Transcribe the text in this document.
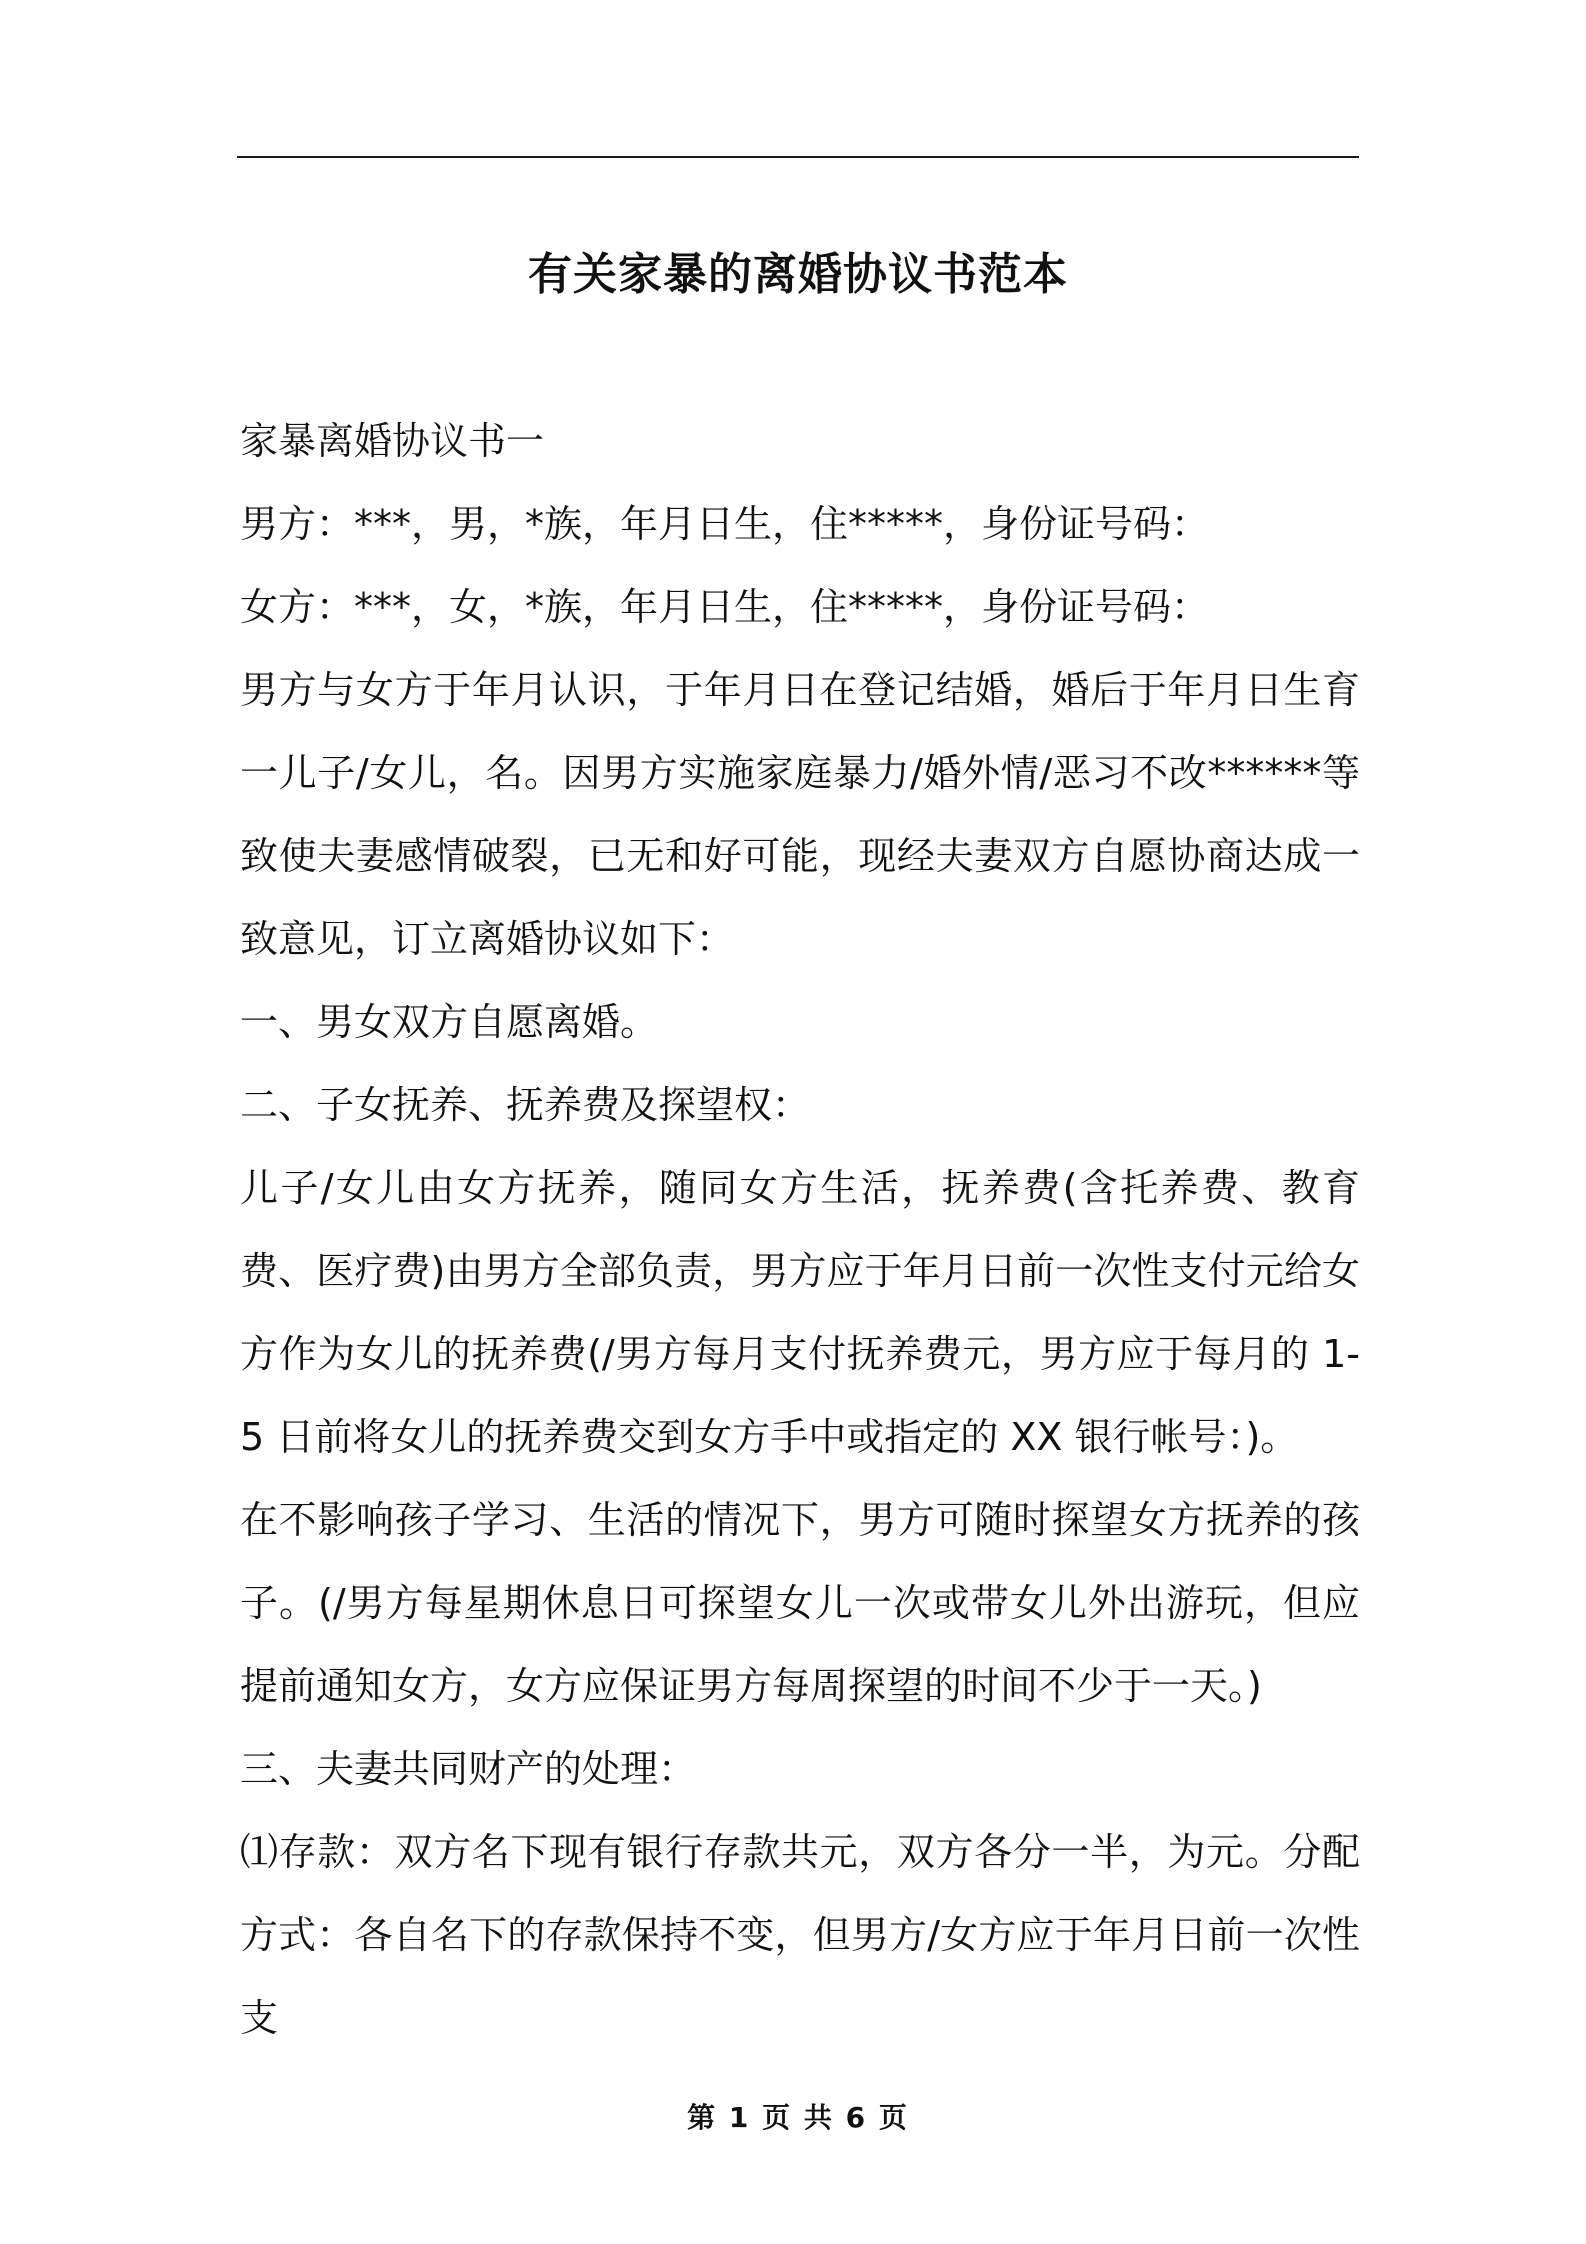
有关家暴的离婚协议书范本

家暴离婚协议书一

男方：***，男，*族，年月日生，住*****，身份证号码：

女方：***，女，*族，年月日生，住*****，身份证号码：

男方与女方于年月认识，于年月日在登记结婚，婚后于年月日生育一儿子/女儿，名。因男方实施家庭暴力/婚外情/恶习不改******等致使夫妻感情破裂，已无和好可能，现经夫妻双方自愿协商达成一致意见，订立离婚协议如下：

一、男女双方自愿离婚。

二、子女抚养、抚养费及探望权：

儿子/女儿由女方抚养，随同女方生活，抚养费(含托养费、教育费、医疗费)由男方全部负责，男方应于年月日前一次性支付元给女方作为女儿的抚养费(/男方每月支付抚养费元，男方应于每月的 1-5 日前将女儿的抚养费交到女方手中或指定的 XX 银行帐号：)。

在不影响孩子学习、生活的情况下，男方可随时探望女方抚养的孩子。(/男方每星期休息日可探望女儿一次或带女儿外出游玩，但应提前通知女方，女方应保证男方每周探望的时间不少于一天。)

三、夫妻共同财产的处理：

⑴存款：双方名下现有银行存款共元，双方各分一半，为元。分配方式：各自名下的存款保持不变，但男方/女方应于年月日前一次性支

第 1 页 共 6 页
